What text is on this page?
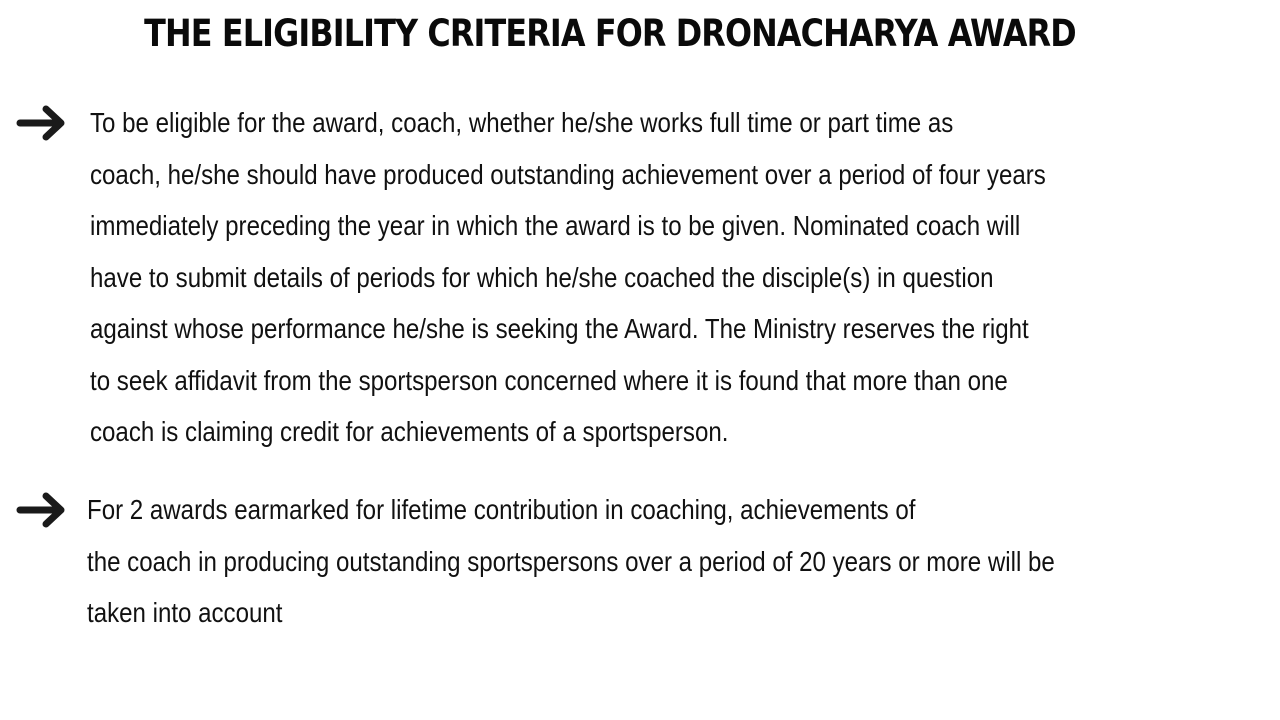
THE ELIGIBILITY CRITERIA FOR DRONACHARYA AWARD

To be eligible for the award, coach, whether he/she works full time or part time as
coach, he/she should have produced outstanding achievement over a period of four years
immediately preceding the year in which the award is to be given. Nominated coach will
have to submit details of periods for which he/she coached the disciple(s) in question
against whose performance he/she is seeking the Award. The Ministry reserves the right
to seek affidavit from the sportsperson concerned where it is found that more than one
coach is claiming credit for achievements of a sportsperson.

For 2 awards earmarked for lifetime contribution in coaching, achievements of
the coach in producing outstanding sportspersons over a period of 20 years or more will be
taken into account
